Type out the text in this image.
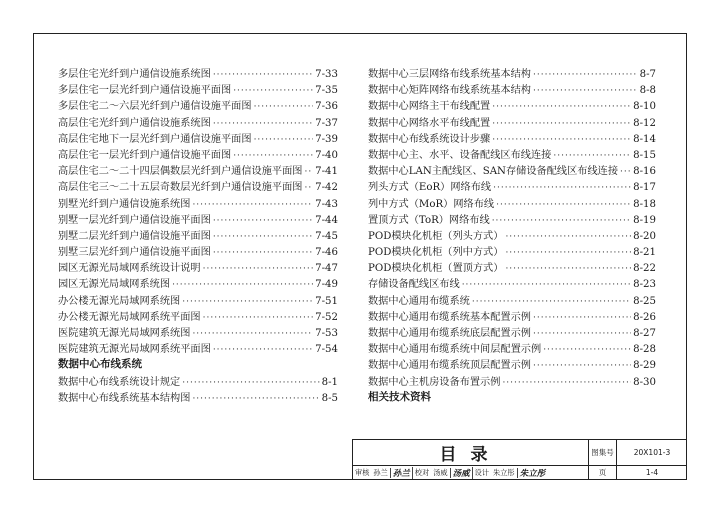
多层住宅光纤到户通信设施系统图 ·····	7-33
多层住宅一层光纤到户通信设施平面图 ·····	7-35
多层住宅二～六层光纤到户通信设施平面图 ·····	7-36
高层住宅光纤到户通信设施系统图 ·····	7-37
高层住宅地下一层光纤到户通信设施平面图 ·····	7-39
高层住宅一层光纤到户通信设施平面图 ·····	7-40
高层住宅二～二十四层偶数层光纤到户通信设施平面图 ····· 7-41
高层住宅三～二十五层奇数层光纤到户通信设施平面图 ····· 7-42
别墅光纤到户通信设施系统图 ·····	7-43
别墅一层光纤到户通信设施平面图 ·····	7-44
别墅二层光纤到户通信设施平面图 ·····	7-45
别墅三层光纤到户通信设施平面图 ·····	7-46
园区无源光局域网系统设计说明 ·····	7-47
园区无源光局域网系统图 ·····	7-49
办公楼无源光局域网系统图 ·····	7-51
办公楼无源光局域网系统平面图 ·····	7-52
医院建筑无源光局域网系统图 ·····	7-53
医院建筑无源光局域网系统平面图 ·····	7-54
数据中心布线系统
数据中心布线系统设计规定 ·····	8-1
数据中心布线系统基本结构图 ·····	8-5
数据中心三层网络布线系统基本结构 ·····	8-7
数据中心矩阵网络布线系统基本结构 ·····	8-8
数据中心网络主干布线配置 ·····	8-10
数据中心网络水平布线配置 ·····	8-12
数据中心布线系统设计步骤 ·····	8-14
数据中心主、水平、设备配线区布线连接 ·····	8-15
数据中心LAN主配线区、SAN存储设备配线区布线连接 ····· 8-16
列头方式（EoR）网络布线 ·····	8-17
列中方式（MoR）网络布线 ·····	8-18
置顶方式（ToR）网络布线 ·····	8-19
POD模块化机柜（列头方式） ·····	8-20
POD模块化机柜（列中方式） ·····	8-21
POD模块化机柜（置顶方式） ·····	8-22
存储设备配线区布线 ·····	8-23
数据中心通用布缆系统 ·····	8-25
数据中心通用布缆系统基本配置示例 ·····	8-26
数据中心通用布缆系统底层配置示例 ·····	8-27
数据中心通用布缆系统中间层配置示例 ·····	8-28
数据中心通用布缆系统顶层配置示例 ·····	8-29
数据中心主机房设备布置示例 ·····	8-30
相关技术资料
目录
审核 孙兰 孙兰 校对 汤威 汤威 设计 朱立彤 朱立彤
图集号	20X101-3
页	1-4
